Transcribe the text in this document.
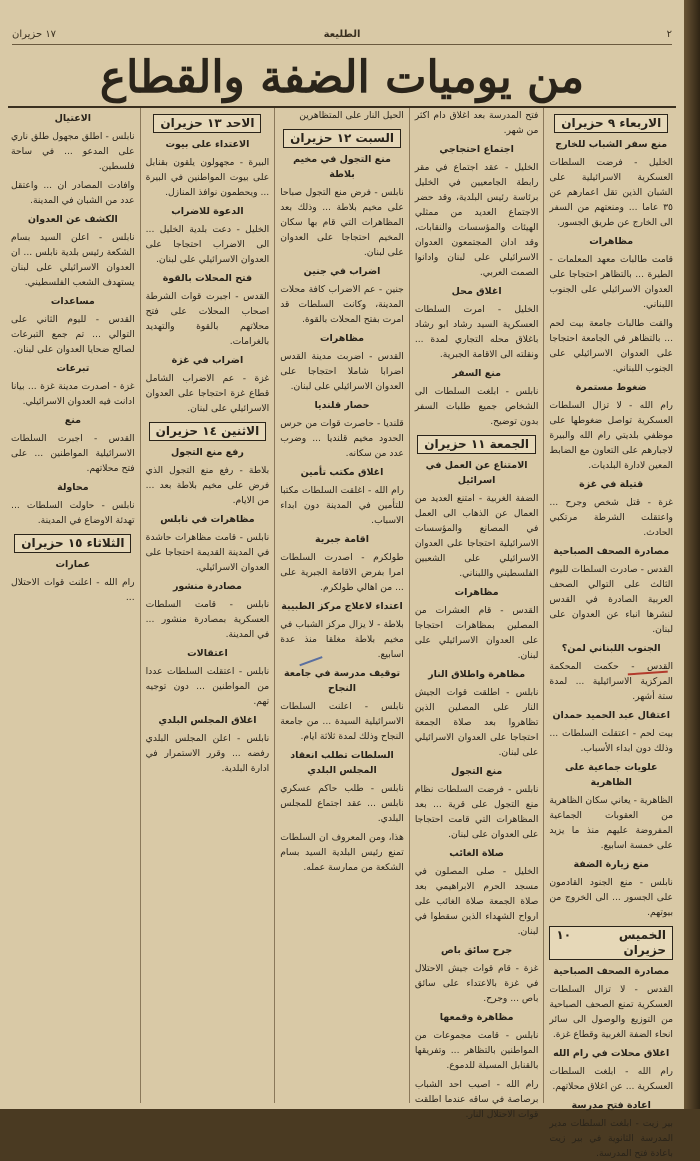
٢
الطليعة
١٧ حزيران
من يوميات الضفة والقطاع
الاربعاء ٩ حزيران
منع سفر الشباب للخارج

الخليل - فرضت السلطات العسكرية الاسرائيلية على الشبان الذين تقل اعمارهم عن ٣٥ عاما ... ومنعتهم من السفر الى الخارج عن طريق الجسور.

مظاهرات

قامت طالبات معهد المعلمات - الطيرة ... بالتظاهر احتجاجا على العدوان الاسرائيلي على الجنوب اللبناني.

والقت طالبات جامعة بيت لحم ... بالتظاهر في الجامعة احتجاجا على العدوان الاسرائيلي على الجنوب اللبناني.

ضغوط مستمرة

رام الله - لا تزال السلطات العسكرية تواصل ضغوطها على موظفي بلديتي رام الله والبيرة لاجبارهم على التعاون مع الضابط المعين لادارة البلديات.

قتيلة في غزة

غزة - قتل شخص وجرح ... واعتقلت الشرطة مرتكبي الحادث.

مصادرة الصحف الصباحية

القدس - صادرت السلطات لليوم الثالث على التوالي الصحف العربية الصادرة في القدس لنشرها انباء عن العدوان على لبنان.

الجنوب اللبناني لمن؟

القدس - حكمت المحكمة المركزية الاسرائيلية ... لمدة ستة أشهر.

اعتقال عبد الحميد حمدان

بيت لحم - اعتقلت السلطات ... وذلك دون ابداء الأسباب.

علويات جماعية على الظاهرية

الظاهرية - يعاني سكان الظاهرية من العقوبات الجماعية المفروضة عليهم منذ ما يزيد على خمسة اسابيع.

منع زيارة الضفة

نابلس - منع الجنود القادمون على الجسور ... الى الخروج من بيوتهم.

الخميس ١٠ حزيران
مصادرة الصحف الصباحية

القدس - لا تزال السلطات العسكرية تمنع الصحف الصباحية من التوزيع والوصول الى سائر انحاء الضفة الغربية وقطاع غزة.

اغلاق محلات في رام الله

رام الله - ابلغت السلطات العسكرية ... عن اغلاق محلاتهم.

اعادة فتح مدرسة

بير زيت - ابلغت السلطات مدير المدرسة الثانوية في بير زيت باعادة فتح المدرسة.

فتح المدرسة بعد اغلاق دام اكثر من شهر.

اجتماع احتجاجي

الخليل - عقد اجتماع في مقر رابطة الجامعيين في الخليل برئاسة رئيس البلدية، وقد حضر الاجتماع العديد من ممثلي الهيئات والمؤسسات والنقابات، وقد ادان المجتمعون العدوان الاسرائيلي على لبنان وادانوا الصمت العربي.

اغلاق محل

الخليل - امرت السلطات العسكرية السيد رشاد ابو رشاد باغلاق محله التجاري لمدة ... ونقلته الى الاقامة الجبرية.

منع السفر

نابلس - ابلغت السلطات الى الشخاص جميع طلبات السفر بدون توضيح.

الجمعة ١١ حزيران
الامتناع عن العمل في اسرائيل

الضفة الغربية - امتنع العديد من العمال عن الذهاب الى العمل في المصانع والمؤسسات الاسرائيلية احتجاجا على العدوان الاسرائيلي على الشعبين الفلسطيني واللبناني.

مظاهرات

القدس - قام العشرات من المصلين بمظاهرات احتجاجا على العدوان الاسرائيلي على لبنان.

مظاهرة واطلاق النار

نابلس - اطلقت قوات الجيش النار على المصلين الذين تظاهروا بعد صلاة الجمعة احتجاجا على العدوان الاسرائيلي على لبنان.

منع التجول

نابلس - فرضت السلطات نظام منع التجول على قرية ... بعد المظاهرات التي قامت احتجاجا على العدوان على لبنان.

صلاة الغائب

الخليل - صلى المصلون في مسجد الحرم الابراهيمي بعد صلاة الجمعة صلاة الغائب على ارواح الشهداء الذين سقطوا في لبنان.

جرح سائق باص

غزة - قام قوات جيش الاحتلال في غزة بالاعتداء على سائق باص ... وجرح.

مظاهرة وقمعها

نابلس - قامت مجموعات من المواطنين بالتظاهر ... وتفريقها بالقنابل المسيلة للدموع.

رام الله - اصيب احد الشباب برصاصة في ساقه عندما اطلقت قوات الاحتلال النار.

الحيل النار على المتظاهرين

السبت ١٢ حزيران
منع التجول في مخيم بلاطة

نابلس - فرض منع التجول صباحا على مخيم بلاطة ... وذلك بعد المظاهرات التي قام بها سكان المخيم احتجاجا على العدوان على لبنان.

اضراب في جنين

جنين - عم الاضراب كافة محلات المدينة، وكانت السلطات قد امرت بفتح المحلات بالقوة.

مظاهرات

القدس - اضربت مدينة القدس اضرابا شاملا احتجاجا على العدوان الاسرائيلي على لبنان.

حصار قلنديا

قلنديا - حاصرت قوات من حرس الحدود مخيم قلنديا ... وضرب عدد من سكانه.

اغلاق مكتب تأمين

رام الله - اغلقت السلطات مكتبا للتأمين في المدينة دون ابداء الاسباب.

اقامة جبرية

طولكرم - اصدرت السلطات امرا بفرض الاقامة الجبرية على ... من اهالي طولكرم.

اعتداء لاعلاج مركز الطبيبة

بلاطة - لا يزال مركز الشباب في مخيم بلاطة مغلقا منذ عدة اسابيع.

توقيف مدرسة في جامعة النجاح

نابلس - اعلنت السلطات الاسرائيلية السيدة ... من جامعة النجاح وذلك لمدة ثلاثة ايام.

السلطات تطلب انعقاد المجلس البلدي

نابلس - طلب حاكم عسكري نابلس ... عقد اجتماع للمجلس البلدي.

هذا، ومن المعروف ان السلطات تمنع رئيس البلدية السيد بسام الشكعة من ممارسة عمله.

الاحد ١٣ حزيران
الاعتداء على بيوت

البيرة - مجهولون يلقون بقنابل على بيوت المواطنين في البيرة ... ويحطمون نوافذ المنازل.

الدعوة للاضراب

الخليل - دعت بلدية الخليل ... الى الاضراب احتجاجا على العدوان الاسرائيلي على لبنان.

فتح المحلات بالقوة

القدس - اجبرت قوات الشرطة اصحاب المحلات على فتح محلاتهم بالقوة والتهديد بالغرامات.

اضراب في غزة

غزة - عم الاضراب الشامل قطاع غزة احتجاجا على العدوان الاسرائيلي على لبنان.

الاثنين ١٤ حزيران
رفع منع التجول

بلاطة - رفع منع التجول الذي فرض على مخيم بلاطة بعد ... من الايام.

مظاهرات في نابلس

نابلس - قامت مظاهرات حاشدة في المدينة القديمة احتجاجا على العدوان الاسرائيلي.

مصادرة منشور

نابلس - قامت السلطات العسكرية بمصادرة منشور ... في المدينة.

اعتقالات

نابلس - اعتقلت السلطات عددا من المواطنين ... دون توجيه تهم.

اغلاق المجلس البلدي

نابلس - اعلن المجلس البلدي رفضه ... وقرر الاستمرار في ادارة البلدية.

الاعتيال

نابلس - اطلق مجهول طلق ناري على المدعو ... في ساحة فلسطين.

وافادت المصادر ان ... واعتقل عدد من الشبان في المدينة.

الكشف عن العدوان

نابلس - اعلن السيد بسام الشكعة رئيس بلدية نابلس ... ان العدوان الاسرائيلي على لبنان يستهدف الشعب الفلسطيني.

مساعدات

القدس - لليوم الثاني على التوالي ... تم جمع التبرعات لصالح ضحايا العدوان على لبنان.

تبرعات

غزة - اصدرت مدينة غزة ... بيانا ادانت فيه العدوان الاسرائيلي.

منع

القدس - اجبرت السلطات الاسرائيلية المواطنين ... على فتح محلاتهم.

محاولة

نابلس - حاولت السلطات ... تهدئة الاوضاع في المدينة.

الثلاثاء ١٥ حزيران
عمارات

رام الله - اعلنت قوات الاحتلال ...
